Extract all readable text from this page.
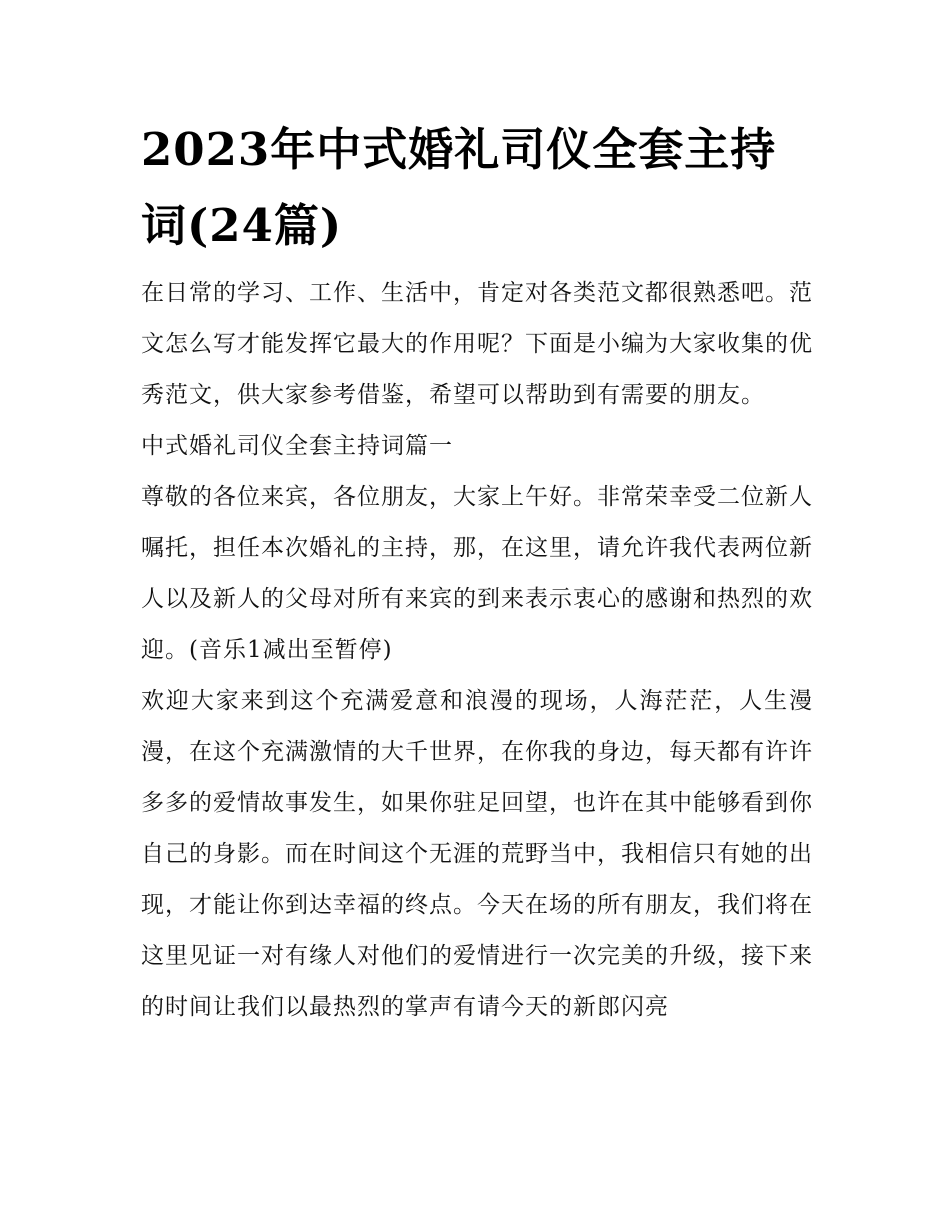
2023年中式婚礼司仪全套主持词(24篇)

在日常的学习、工作、生活中，肯定对各类范文都很熟悉吧。范文怎么写才能发挥它最大的作用呢？下面是小编为大家收集的优秀范文，供大家参考借鉴，希望可以帮助到有需要的朋友。

中式婚礼司仪全套主持词篇一

尊敬的各位来宾，各位朋友，大家上午好。非常荣幸受二位新人嘱托，担任本次婚礼的主持，那，在这里，请允许我代表两位新人以及新人的父母对所有来宾的到来表示衷心的感谢和热烈的欢迎。(音乐1减出至暂停)

欢迎大家来到这个充满爱意和浪漫的现场，人海茫茫，人生漫漫，在这个充满激情的大千世界，在你我的身边，每天都有许许多多的爱情故事发生，如果你驻足回望，也许在其中能够看到你自己的身影。而在时间这个无涯的荒野当中，我相信只有她的出现，才能让你到达幸福的终点。今天在场的所有朋友，我们将在这里见证一对有缘人对他们的爱情进行一次完美的升级，接下来的时间让我们以最热烈的掌声有请今天的新郎闪亮
